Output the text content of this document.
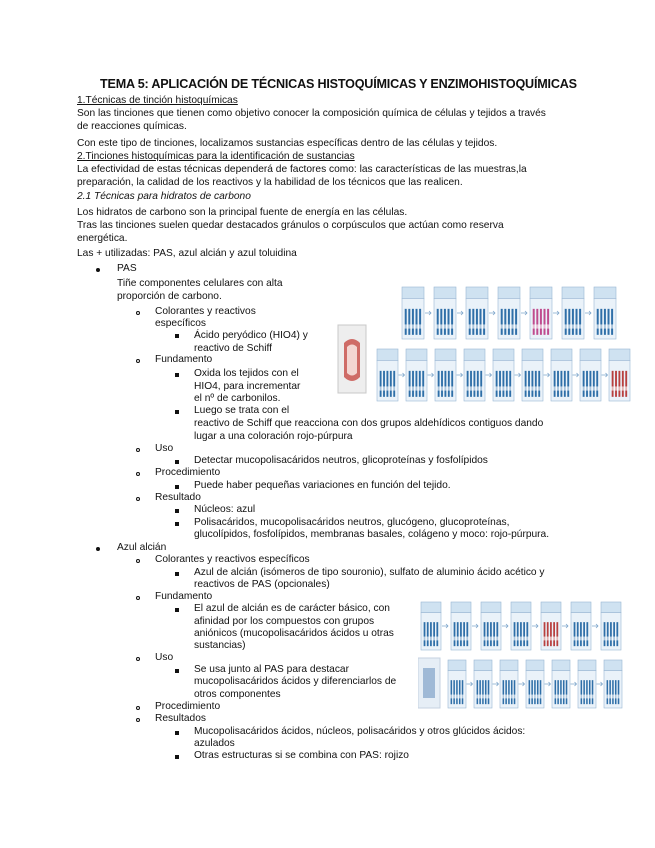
TEMA 5: APLICACIÓN DE TÉCNICAS HISTOQUÍMICAS Y ENZIMOHISTOQUÍMICAS
1.Técnicas de tinción histoquímicas
Son las tinciones que tienen como objetivo conocer la composición química de células y tejidos a través
de reacciones químicas.
Con este tipo de tinciones, localizamos sustancias específicas dentro de las células y tejidos.
2.Tinciones histoquímicas para la identificación de sustancias
La efectividad de estas técnicas dependerá de factores como: las características de las muestras,la
preparación, la calidad de los reactivos y la habilidad de los técnicos que las realicen.
2.1 Técnicas para hidratos de carbono
Los hidratos de carbono son la principal fuente de energía en las células.
Tras las tinciones suelen quedar destacados gránulos o corpúsculos que actúan como reserva
energética.
Las + utilizadas: PAS, azul alcián y azul toluidina
PAS
Tiñe componentes celulares con alta
proporción de carbono.
Colorantes y reactivos
específicos
Ácido peryódico (HIO4) y
reactivo de Schiff
Fundamento
Oxida los tejidos con el
HIO4, para incrementar
el nº de carbonilos.
Luego se trata con el
reactivo de Schiff que reacciona con dos grupos aldehídicos contiguos dando
lugar a una coloración rojo-púrpura
Uso
Detectar mucopolisacáridos neutros, glicoproteínas y fosfolípidos
Procedimiento
Puede haber pequeñas variaciones en función del tejido.
Resultado
Núcleos: azul
Polisacáridos, mucopolisacáridos neutros, glucógeno, glucoproteínas,
glucolípidos, fosfolípidos, membranas basales, colágeno y moco: rojo-púrpura.
Azul alcián
Colorantes y reactivos específicos
Azul de alcián (isómeros de tipo souronio), sulfato de aluminio ácido acético y
reactivos de PAS (opcionales)
Fundamento
El azul de alcián es de carácter básico, con
afinidad por los compuestos con grupos
aniónicos (mucopolisacáridos ácidos u otras
sustancias)
Uso
Se usa junto al PAS para destacar
mucopolisacáridos ácidos y diferenciarlos de
otros componentes
Procedimiento
Resultados
Mucopolisacáridos ácidos, núcleos, polisacáridos y otros glúcidos ácidos:
azulados
Otras estructuras si se combina con PAS: rojizo
